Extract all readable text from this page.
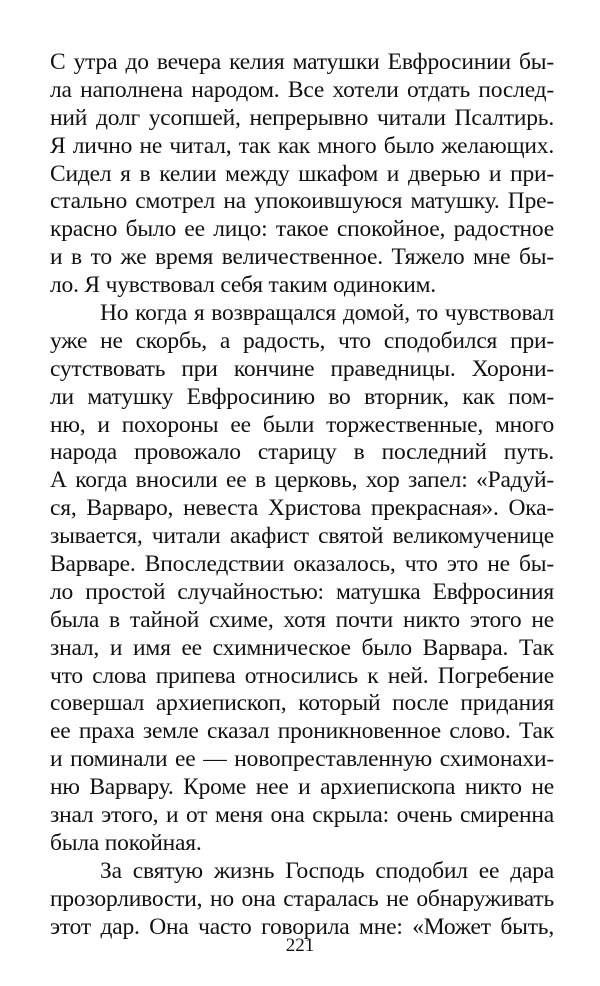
С утра до вечера келия матушки Евфросинии бы-
ла наполнена народом. Все хотели отдать послед-
ний долг усопшей, непрерывно читали Псалтирь.
Я лично не читал, так как много было желающих.
Сидел я в келии между шкафом и дверью и при-
стально смотрел на упокоившуюся матушку. Пре-
красно было ее лицо: такое спокойное, радостное
и в то же время величественное. Тяжело мне бы-
ло. Я чувствовал себя таким одиноким.
Но когда я возвращался домой, то чувствовал
уже не скорбь, а радость, что сподобился при-
сутствовать при кончине праведницы. Хорони-
ли матушку Евфросинию во вторник, как пом-
ню, и похороны ее были торжественные, много
народа провожало старицу в последний путь.
А когда вносили ее в церковь, хор запел: «Радуй-
ся, Варваро, невеста Христова прекрасная». Ока-
зывается, читали акафист святой великомученице
Варваре. Впоследствии оказалось, что это не бы-
ло простой случайностью: матушка Евфросиния
была в тайной схиме, хотя почти никто этого не
знал, и имя ее схимническое было Варвара. Так
что слова припева относились к ней. Погребение
совершал архиепископ, который после придания
ее праха земле сказал проникновенное слово. Так
и поминали ее — новопреставленную схимонахи-
ню Варвару. Кроме нее и архиепископа никто не
знал этого, и от меня она скрыла: очень смиренна
была покойная.
За святую жизнь Господь сподобил ее дара
прозорливости, но она старалась не обнаруживать
этот дар. Она часто говорила мне: «Может быть,
221
